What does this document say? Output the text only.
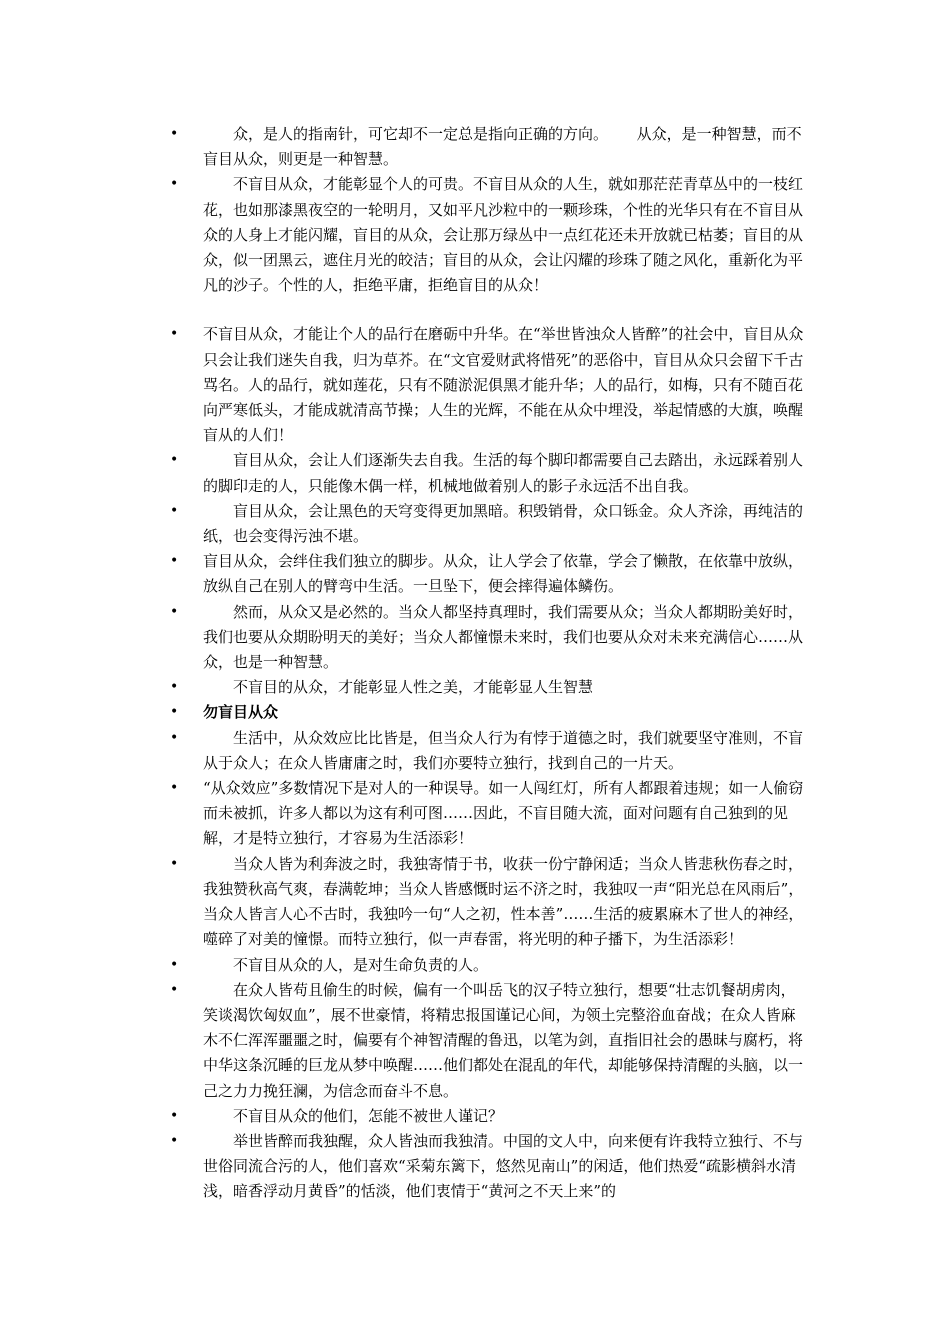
•	众，是人的指南针，可它却不一定总是指向正确的方向。      从众，是一种智慧，而不盲目从众，则更是一种智慧。
•	不盲目从众，才能彰显个人的可贵。不盲目从众的人生，就如那茫茫青草丛中的一枝红花，也如那漆黑夜空的一轮明月，又如平凡沙粒中的一颗珍珠，个性的光华只有在不盲目从众的人身上才能闪耀，盲目的从众，会让那万绿丛中一点红花还未开放就已枯萎；盲目的从众，似一团黑云，遮住月光的皎洁；盲目的从众，会让闪耀的珍珠了随之风化，重新化为平凡的沙子。个性的人，拒绝平庸，拒绝盲目的从众！
•	不盲目从众，才能让个人的品行在磨砺中升华。在“举世皆浊众人皆醉”的社会中，盲目从众只会让我们迷失自我，归为草芥。在“文官爱财武将惜死”的恶俗中，盲目从众只会留下千古骂名。人的品行，就如莲花，只有不随淤泥俱黑才能升华；人的品行，如梅，只有不随百花向严寒低头，才能成就清高节操；人生的光辉，不能在从众中埋没，举起情感的大旗，唤醒盲从的人们！
•	盲目从众，会让人们逐渐失去自我。生活的每个脚印都需要自己去踏出，永远踩着别人的脚印走的人，只能像木偶一样，机械地做着别人的影子永远活不出自我。
•	盲目从众，会让黑色的天穹变得更加黑暗。积毁销骨，众口铄金。众人齐涂，再纯洁的纸，也会变得污浊不堪。
•	盲目从众，会绊住我们独立的脚步。从众，让人学会了依靠，学会了懒散，在依靠中放纵，放纵自己在别人的臂弯中生活。一旦坠下，便会摔得遍体鳞伤。
•	然而，从众又是必然的。当众人都坚持真理时，我们需要从众；当众人都期盼美好时，我们也要从众期盼明天的美好；当众人都憧憬未来时，我们也要从众对未来充满信心……从众，也是一种智慧。
•	不盲目的从众，才能彰显人性之美，才能彰显人生智慧
•	勿盲目从众
•	生活中，从众效应比比皆是，但当众人行为有悖于道德之时，我们就要坚守准则，不盲从于众人；在众人皆庸庸之时，我们亦要特立独行，找到自己的一片天。
•	“从众效应”多数情况下是对人的一种误导。如一人闯红灯，所有人都跟着违规；如一人偷窃而未被抓，许多人都以为这有利可图……因此，不盲目随大流，面对问题有自己独到的见解，才是特立独行，才容易为生活添彩！
•	当众人皆为利奔波之时，我独寄情于书，收获一份宁静闲适；当众人皆悲秋伤春之时，我独赞秋高气爽，春满乾坤；当众人皆感慨时运不济之时，我独叹一声“阳光总在风雨后”，当众人皆言人心不古时，我独吟一句“人之初，性本善”……生活的疲累麻木了世人的神经，噬碎了对美的憧憬。而特立独行，似一声春雷，将光明的种子播下，为生活添彩！
•	不盲目从众的人，是对生命负责的人。
•	在众人皆苟且偷生的时候，偏有一个叫岳飞的汉子特立独行，想要“壮志饥餐胡虏肉，笑谈渴饮匈奴血”，展不世豪情，将精忠报国谨记心间，为领土完整浴血奋战；在众人皆麻木不仁浑浑噩噩之时，偏要有个神智清醒的鲁迅，以笔为剑，直指旧社会的愚昧与腐朽，将中华这条沉睡的巨龙从梦中唤醒……他们都处在混乱的年代，却能够保持清醒的头脑，以一己之力力挽狂澜，为信念而奋斗不息。
•	不盲目从众的他们，怎能不被世人谨记？
•	举世皆醉而我独醒，众人皆浊而我独清。中国的文人中，向来便有许我特立独行、不与世俗同流合污的人，他们喜欢“采菊东篱下，悠然见南山”的闲适，他们热爱“疏影横斜水清浅，暗香浮动月黄昏”的恬淡，他们衷情于“黄河之不天上来”的
